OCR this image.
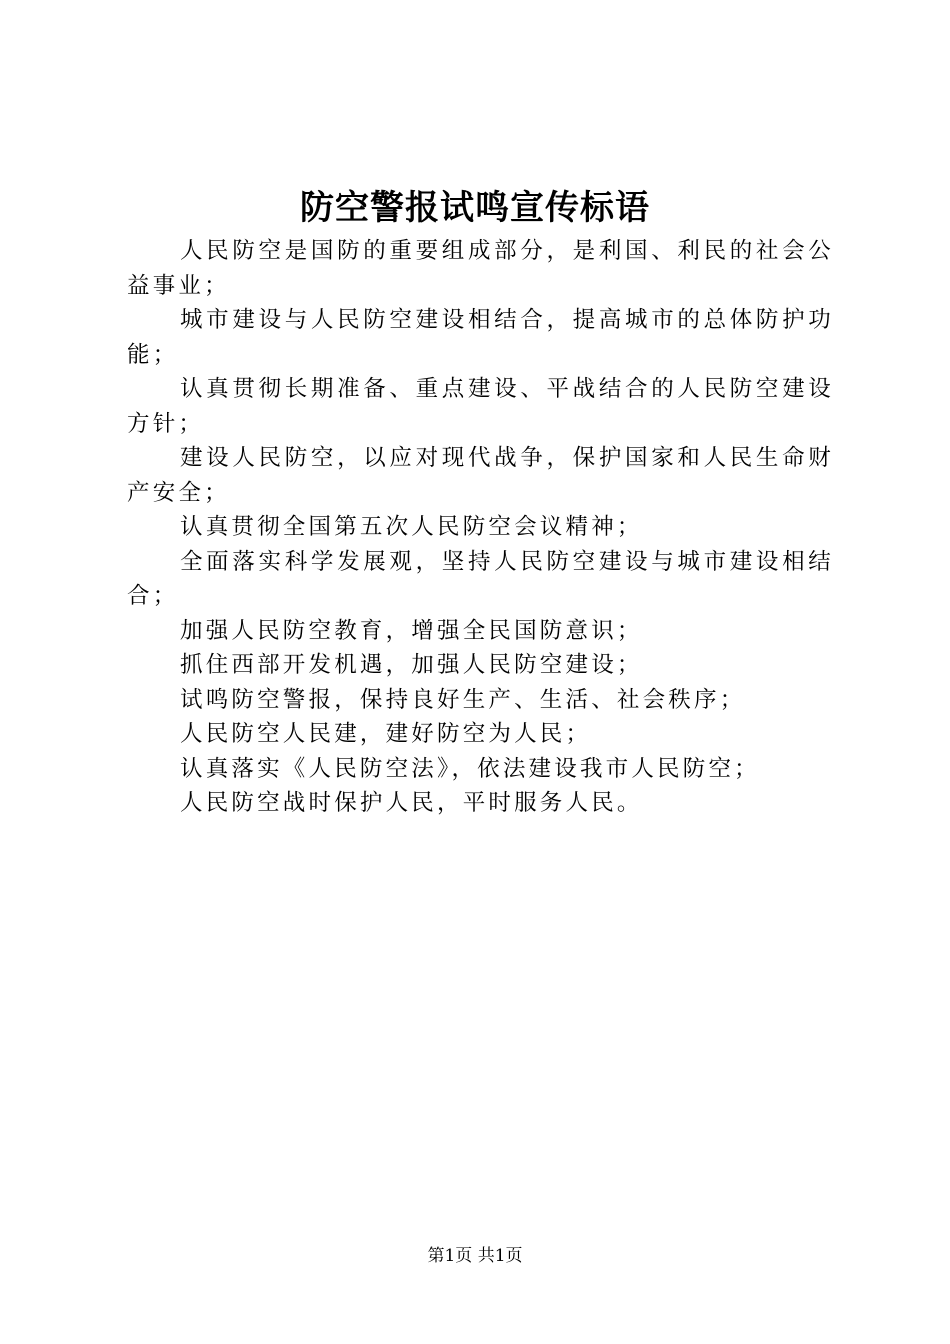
防空警报试鸣宣传标语

人民防空是国防的重要组成部分，是利国、利民的社会公益事业；

城市建设与人民防空建设相结合，提高城市的总体防护功能；

认真贯彻长期准备、重点建设、平战结合的人民防空建设方针；

建设人民防空，以应对现代战争，保护国家和人民生命财产安全；

认真贯彻全国第五次人民防空会议精神；

全面落实科学发展观，坚持人民防空建设与城市建设相结合；

加强人民防空教育，增强全民国防意识；

抓住西部开发机遇，加强人民防空建设；

试鸣防空警报，保持良好生产、生活、社会秩序；

人民防空人民建，建好防空为人民；

认真落实《人民防空法》，依法建设我市人民防空；

人民防空战时保护人民，平时服务人民。

第1页 共1页
